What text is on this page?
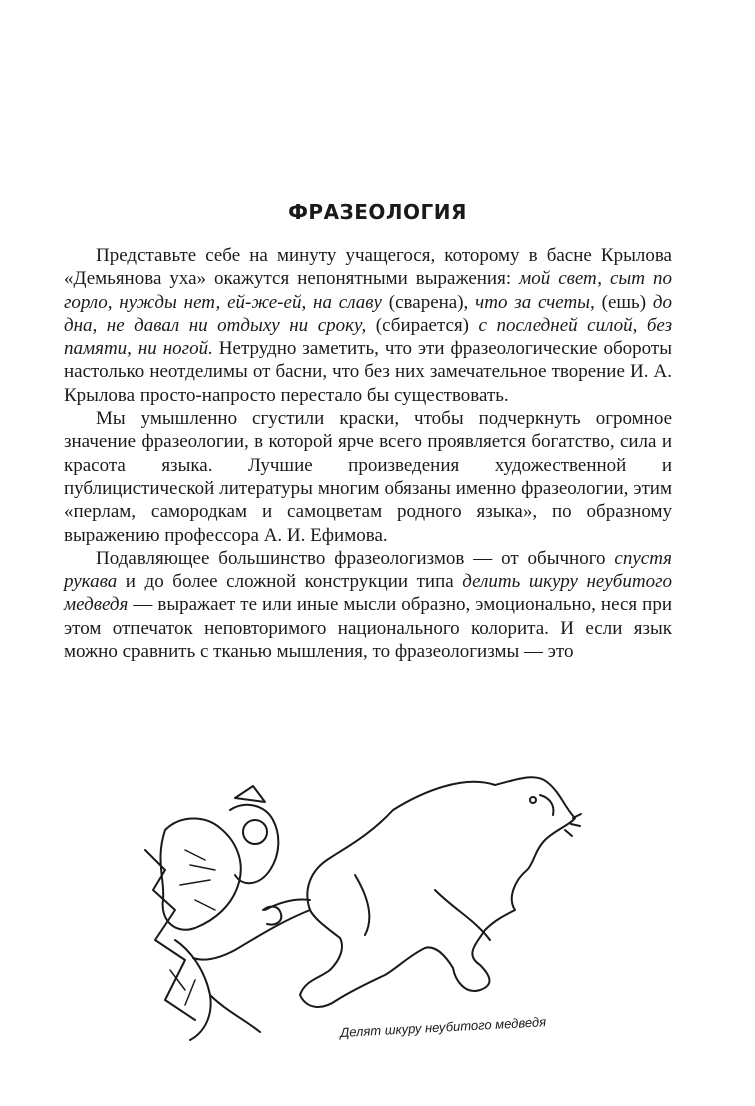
ФРАЗЕОЛОГИЯ

Представьте себе на минуту учащегося, которому в басне Крылова «Демьянова уха» окажутся непонятными выражения: мой свет, сыт по горло, нужды нет, ей-же-ей, на славу (сварена), что за счеты, (ешь) до дна, не давал ни отдыху ни сроку, (сбирается) с последней силой, без памяти, ни ногой. Нетрудно заметить, что эти фразеологические обороты настолько неотделимы от басни, что без них замечательное творение И. А. Крылова просто-напросто перестало бы существовать.

Мы умышленно сгустили краски, чтобы подчеркнуть огромное значение фразеологии, в которой ярче всего проявляется богатство, сила и красота языка. Лучшие произведения художественной и публицистической литературы многим обязаны именно фразеологии, этим «перлам, самородкам и самоцветам родного языка», по образному выражению профессора А. И. Ефимова.

Подавляющее большинство фразеологизмов — от обычного спустя рукава и до более сложной конструкции типа делить шкуру неубитого медведя — выражает те или иные мысли образно, эмоционально, неся при этом отпечаток неповторимого национального колорита. И если язык можно сравнить с тканью мышления, то фразеологизмы — это

Делят шкуру неубитого медведя
